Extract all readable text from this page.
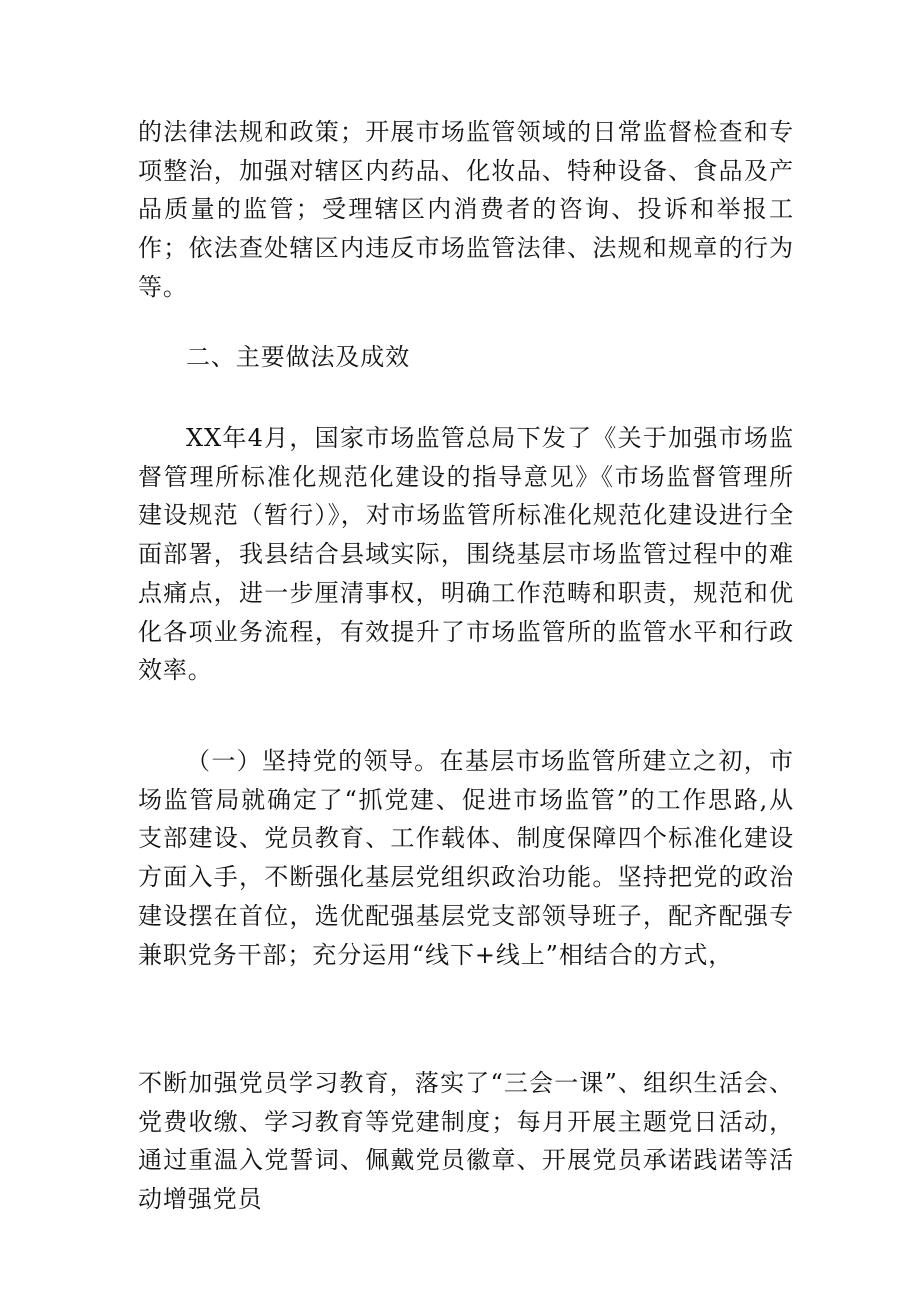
的法律法规和政策；开展市场监管领域的日常监督检查和专项整治，加强对辖区内药品、化妆品、特种设备、食品及产品质量的监管；受理辖区内消费者的咨询、投诉和举报工作；依法查处辖区内违反市场监管法律、法规和规章的行为等。

二、主要做法及成效

XX年4月，国家市场监管总局下发了《关于加强市场监督管理所标准化规范化建设的指导意见》《市场监督管理所建设规范（暂行）》，对市场监管所标准化规范化建设进行全面部署，我县结合县域实际，围绕基层市场监管过程中的难点痛点，进一步厘清事权，明确工作范畴和职责，规范和优化各项业务流程，有效提升了市场监管所的监管水平和行政效率。

（一）坚持党的领导。在基层市场监管所建立之初，市场监管局就确定了“抓党建、促进市场监管”的工作思路,从支部建设、党员教育、工作载体、制度保障四个标准化建设方面入手，不断强化基层党组织政治功能。坚持把党的政治建设摆在首位，选优配强基层党支部领导班子，配齐配强专兼职党务干部；充分运用“线下+线上”相结合的方式，

不断加强党员学习教育，落实了“三会一课”、组织生活会、党费收缴、学习教育等党建制度；每月开展主题党日活动，通过重温入党誓词、佩戴党员徽章、开展党员承诺践诺等活动增强党员
